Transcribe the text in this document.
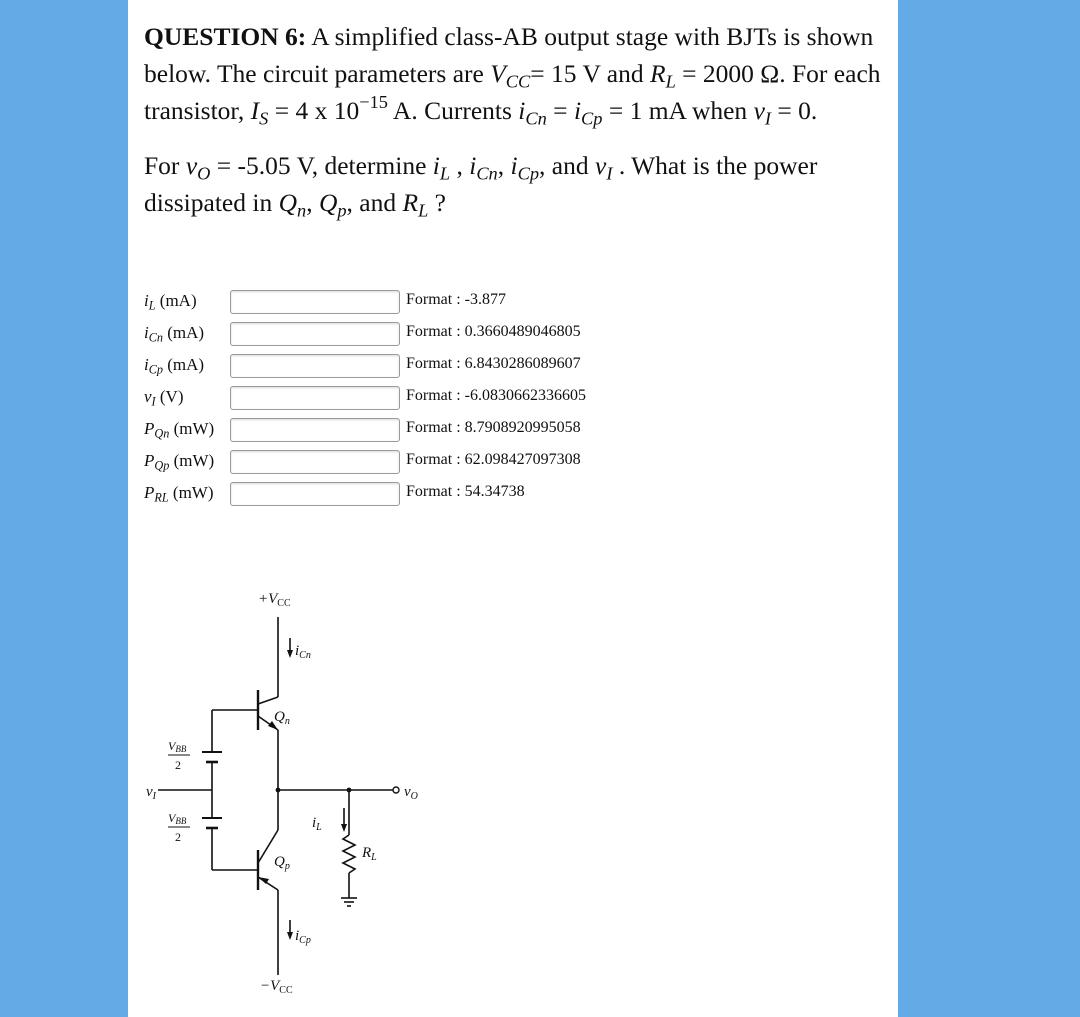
QUESTION 6: A simplified class-AB output stage with BJTs is shown below. The circuit parameters are $V_{CC}= 15$ V and $R_L = 2000$ Ω. For each transistor, $I_S = 4$ x $10^{-15}$ A. Currents $i_{Cn} = i_{Cp} = 1$ mA when $v_I = 0$.

For $v_O = -5.05$ V, determine $i_L$ , $i_{Cn}$, $i_{Cp}$, and $v_I$ . What is the power dissipated in $Q_n$, $Q_p$, and $R_L$ ?

$i_L$ (mA)	Format : -3.877
$i_{Cn}$ (mA)	Format : 0.3660489046805
$i_{Cp}$ (mA)	Format : 6.8430286089607
$v_I$ (V)	Format : -6.0830662336605
$P_{Qn}$ (mW)	Format : 8.7908920995058
$P_{Qp}$ (mW)	Format : 62.098427097308
$P_{RL}$ (mW)	Format : 54.34738
$+V_{CC}$
$i_{Cn}$
$Q_n$
VBB
2
$v_I$
VBB
2
$Q_p$
$i_L$
$R_L$
$v_O$
$i_{Cp}$
$-V_{CC}$
